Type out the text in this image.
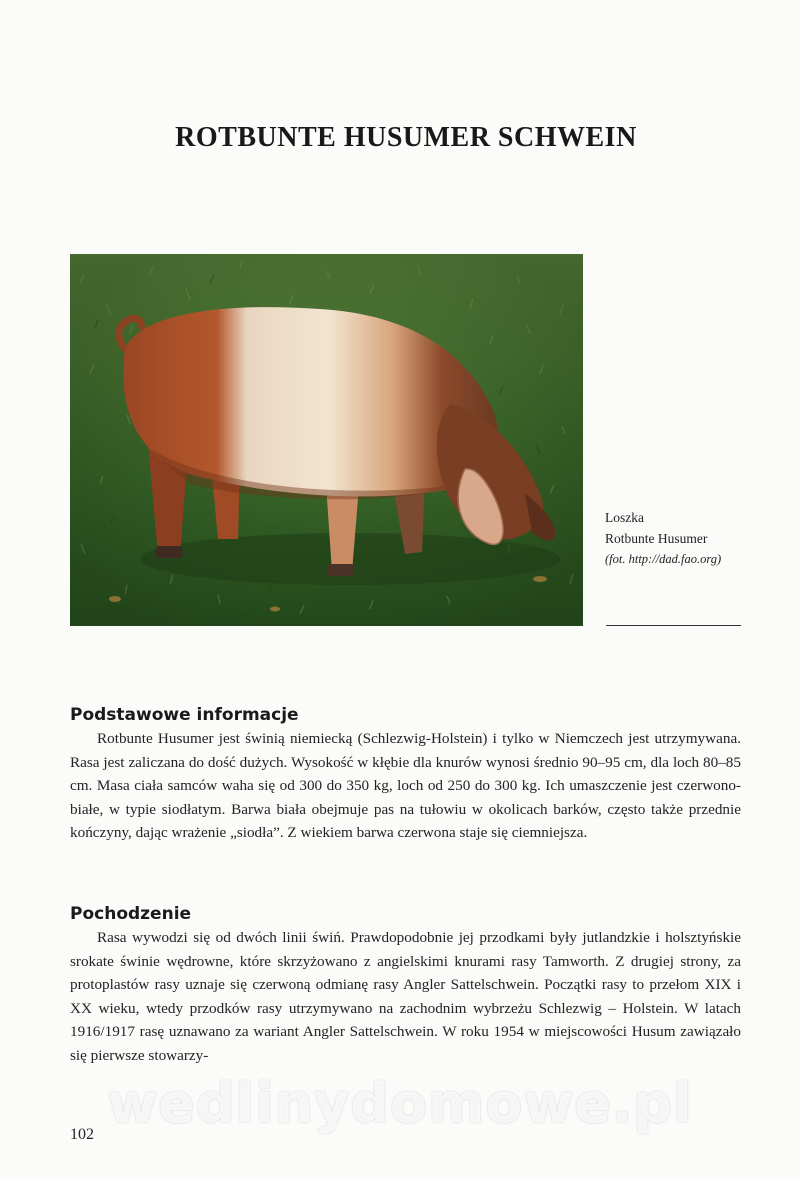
ROTBUNTE HUSUMER SCHWEIN
Loszka
Rotbunte Husumer
(fot. http://dad.fao.org)
Podstawowe informacje

Rotbunte Husumer jest świnią niemiecką (Schlezwig-Holstein) i tylko w Niemczech jest utrzymywana. Rasa jest zaliczana do dość dużych. Wysokość w kłębie dla knurów wynosi średnio 90–95 cm, dla loch 80–85 cm. Masa ciała samców waha się od 300 do 350 kg, loch od 250 do 300 kg. Ich umaszczenie jest czerwono-białe, w typie siodłatym. Barwa biała obejmuje pas na tułowiu w okolicach barków, często także przednie kończyny, dając wrażenie „siodła”. Z wiekiem barwa czerwona staje się ciemniejsza.

Pochodzenie

Rasa wywodzi się od dwóch linii świń. Prawdopodobnie jej przodkami były jutlandzkie i holsztyńskie srokate świnie wędrowne, które skrzyżowano z angielskimi knurami rasy Tamworth. Z drugiej strony, za protoplastów rasy uznaje się czerwoną odmianę rasy Angler Sattelschwein. Początki rasy to przełom XIX i XX wieku, wtedy przodków rasy utrzymywano na zachodnim wybrzeżu Schlezwig – Holstein. W latach 1916/1917 rasę uznawano za wariant Angler Sattelschwein. W roku 1954 w miejscowości Husum zawiązało się pierwsze stowarzy-

wedlinydomowe.pl
102
